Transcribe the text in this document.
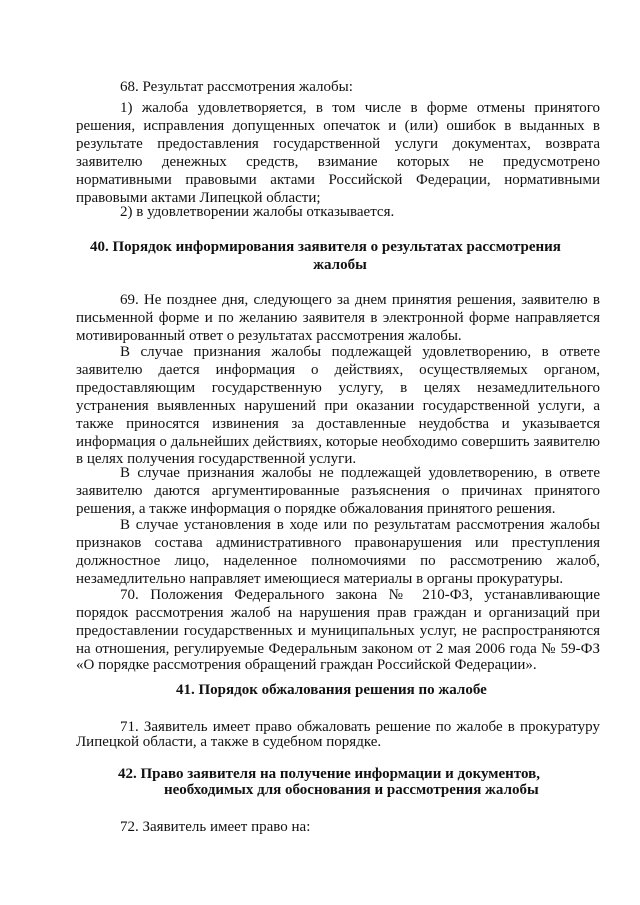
68. Результат рассмотрения жалобы:
1) жалоба удовлетворяется, в том числе в форме отмены принятого
решения, исправления допущенных опечаток и (или) ошибок в выданных в
результате предоставления государственной услуги документах, возврата
заявителю денежных средств, взимание которых не предусмотрено
нормативными правовыми актами Российской Федерации, нормативными
правовыми актами Липецкой области;
2) в удовлетворении жалобы отказывается.
40. Порядок информирования заявителя о результатах рассмотрения
жалобы
69. Не позднее дня, следующего за днем принятия решения, заявителю в
письменной форме и по желанию заявителя в электронной форме направляется
мотивированный ответ о результатах рассмотрения жалобы.
В случае признания жалобы подлежащей удовлетворению, в ответе
заявителю дается информация о действиях, осуществляемых органом,
предоставляющим государственную услугу, в целях незамедлительного
устранения выявленных нарушений при оказании государственной услуги, а
также приносятся извинения за доставленные неудобства и указывается
информация о дальнейших действиях, которые необходимо совершить заявителю
в целях получения государственной услуги.
В случае признания жалобы не подлежащей удовлетворению, в ответе
заявителю даются аргументированные разъяснения о причинах принятого
решения, а также информация о порядке обжалования принятого решения.
В случае установления в ходе или по результатам рассмотрения жалобы
признаков состава административного правонарушения или преступления
должностное лицо, наделенное полномочиями по рассмотрению жалоб,
незамедлительно направляет имеющиеся материалы в органы прокуратуры.
70. Положения Федерального закона № 210-ФЗ, устанавливающие
порядок рассмотрения жалоб на нарушения прав граждан и организаций при
предоставлении государственных и муниципальных услуг, не распространяются
на отношения, регулируемые Федеральным законом от 2 мая 2006 года № 59-ФЗ
«О порядке рассмотрения обращений граждан Российской Федерации».
41. Порядок обжалования решения по жалобе
71. Заявитель имеет право обжаловать решение по жалобе в прокуратуру
Липецкой области, а также в судебном порядке.
42. Право заявителя на получение информации и документов,
необходимых для обоснования и рассмотрения жалобы
72. Заявитель имеет право на:
